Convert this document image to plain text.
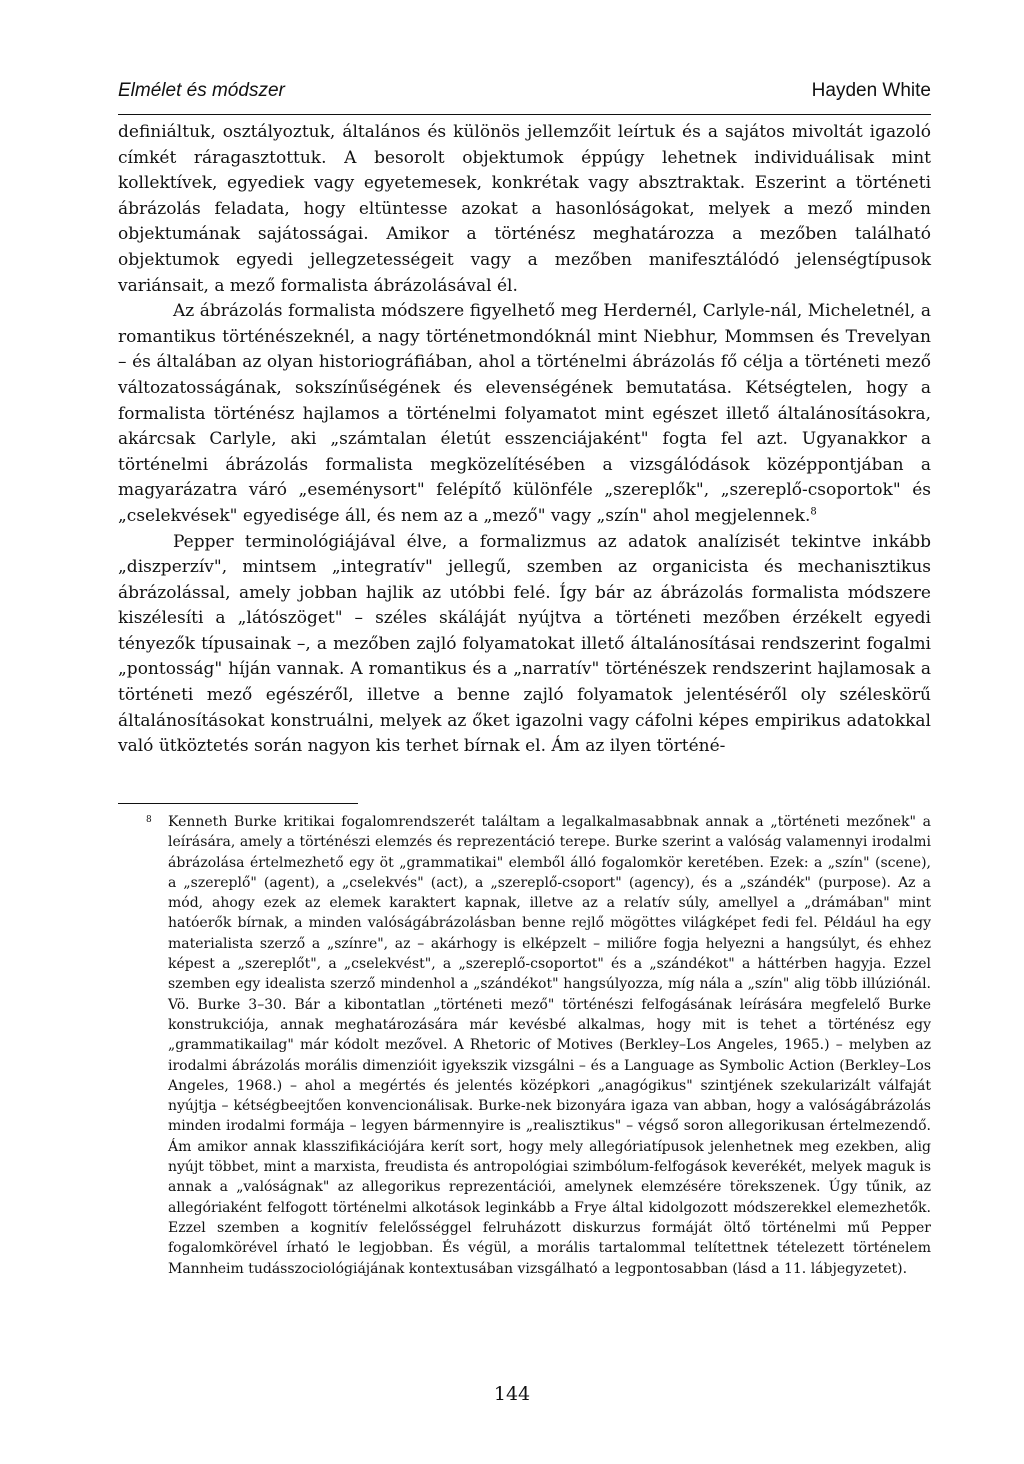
Elmélet és módszer	Hayden White

definiáltuk, osztályoztuk, általános és különös jellemzőit leírtuk és a sajátos mivoltát igazoló címkét ráragasztottuk. A besorolt objektumok éppúgy lehetnek individuálisak mint kollektívek, egyediek vagy egyetemesek, konkrétak vagy absztraktak. Eszerint a történeti ábrázolás feladata, hogy eltüntesse azokat a hasonlóságokat, melyek a mező minden objektumának sajátosságai. Amikor a történész meghatározza a mezőben található objektumok egyedi jellegzetességeit vagy a mezőben manifesztálódó jelenségtípusok variánsait, a mező formalista ábrázolásával él.

Az ábrázolás formalista módszere figyelhető meg Herdernél, Carlyle-nál, Micheletnél, a romantikus történészeknél, a nagy történetmondóknál mint Niebhur, Mommsen és Trevelyan – és általában az olyan historiográfiában, ahol a történelmi ábrázolás fő célja a történeti mező változatosságának, sokszínűségének és elevenségének bemutatása. Kétségtelen, hogy a formalista történész hajlamos a történelmi folyamatot mint egészet illető általánosításokra, akárcsak Carlyle, aki „számtalan életút esszenciájaként" fogta fel azt. Ugyanakkor a történelmi ábrázolás formalista megközelítésében a vizsgálódások középpontjában a magyarázatra váró „eseménysort" felépítő különféle „szereplők", „szereplő-csoportok" és „cselekvések" egyedisége áll, és nem az a „mező" vagy „szín" ahol megjelennek.$^8$

Pepper terminológiájával élve, a formalizmus az adatok analízisét tekintve inkább „diszperzív", mintsem „integratív" jellegű, szemben az organicista és mechanisztikus ábrázolással, amely jobban hajlik az utóbbi felé. Így bár az ábrázolás formalista módszere kiszélesíti a „látószöget" – széles skáláját nyújtva a történeti mezőben érzékelt egyedi tényezők típusainak –, a mezőben zajló folyamatokat illető általánosításai rendszerint fogalmi „pontosság" híján vannak. A romantikus és a „narratív" történészek rendszerint hajlamosak a történeti mező egészéről, illetve a benne zajló folyamatok jelentéséről oly széleskörű általánosításokat konstruálni, melyek az őket igazolni vagy cáfolni képes empirikus adatokkal való ütköztetés során nagyon kis terhet bírnak el. Ám az ilyen történé-

8 Kenneth Burke kritikai fogalomrendszerét találtam a legalkalmasabbnak annak a „történeti mezőnek" a leírására, amely a történészi elemzés és reprezentáció terepe. Burke szerint a valóság valamennyi irodalmi ábrázolása értelmezhető egy öt „grammatikai" elemből álló fogalomkör keretében. Ezek: a „szín" (scene), a „szereplő" (agent), a „cselekvés" (act), a „szereplő-csoport" (agency), és a „szándék" (purpose). Az a mód, ahogy ezek az elemek karaktert kapnak, illetve az a relatív súly, amellyel a „drámában" mint hatóerők bírnak, a minden valóságábrázolásban benne rejlő mögöttes világképet fedi fel. Például ha egy materialista szerző a „színre", az – akárhogy is elképzelt – miliőre fogja helyezni a hangsúlyt, és ehhez képest a „szereplőt", a „cselekvést", a „szereplő-csoportot" és a „szándékot" a háttérben hagyja. Ezzel szemben egy idealista szerző mindenhol a „szándékot" hangsúlyozza, míg nála a „szín" alig több illúziónál. Vö. Burke 3–30. Bár a kibontatlan „történeti mező" történészi felfogásának leírására megfelelő Burke konstrukciója, annak meghatározására már kevésbé alkalmas, hogy mit is tehet a történész egy „grammatikailag" már kódolt mezővel. A Rhetoric of Motives (Berkley–Los Angeles, 1965.) – melyben az irodalmi ábrázolás morális dimenzióit igyekszik vizsgálni – és a Language as Symbolic Action (Berkley–Los Angeles, 1968.) – ahol a megértés és jelentés középkori „anagógikus" szintjének szekularizált válfaját nyújtja – kétségbeejtően konvencionálisak. Burke-nek bizonyára igaza van abban, hogy a valóságábrázolás minden irodalmi formája – legyen bármennyire is „realisztikus" – végső soron allegorikusan értelmezendő. Ám amikor annak klasszifikációjára kerít sort, hogy mely allegóriatípusok jelenhetnek meg ezekben, alig nyújt többet, mint a marxista, freudista és antropológiai szimbólum-felfogások keverékét, melyek maguk is annak a „valóságnak" az allegorikus reprezentációi, amelynek elemzésére törekszenek. Úgy tűnik, az allegóriaként felfogott történelmi alkotások leginkább a Frye által kidolgozott módszerekkel elemezhetők. Ezzel szemben a kognitív felelősséggel felruházott diskurzus formáját öltő történelmi mű Pepper fogalomkörével írható le legjobban. És végül, a morális tartalommal telítettnek tételezett történelem Mannheim tudásszociológiájának kontextusában vizsgálható a legpontosabban (lásd a 11. lábjegyzetet).
144
